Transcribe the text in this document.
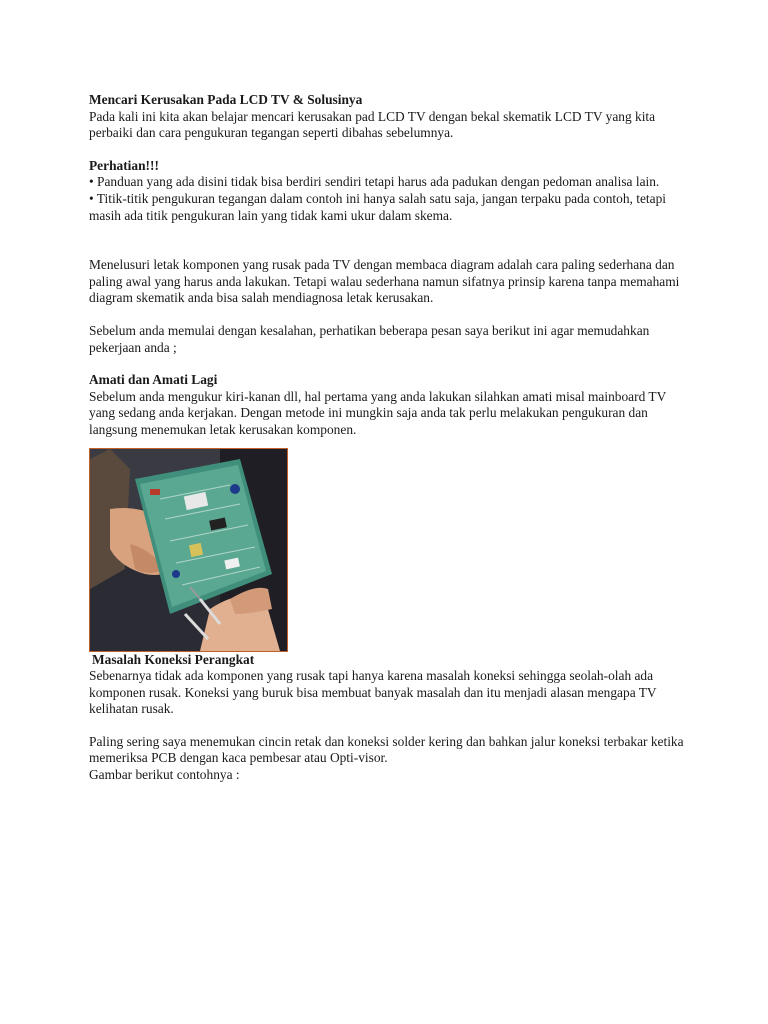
Mencari Kerusakan Pada LCD TV & Solusinya

Pada kali ini kita akan belajar mencari kerusakan pad LCD TV dengan bekal skematik LCD TV yang kita perbaiki dan cara pengukuran tegangan seperti dibahas sebelumnya.

Perhatian!!!

• Panduan yang ada disini tidak bisa berdiri sendiri tetapi harus ada padukan dengan pedoman analisa lain.

• Titik-titik pengukuran tegangan dalam contoh ini hanya salah satu saja, jangan terpaku pada contoh, tetapi masih ada titik pengukuran lain yang tidak kami ukur dalam skema.

Menelusuri letak komponen yang rusak pada TV dengan membaca diagram adalah cara paling sederhana dan paling awal yang harus anda lakukan. Tetapi walau sederhana namun sifatnya prinsip karena tanpa memahami diagram skematik anda bisa salah mendiagnosa letak kerusakan.

Sebelum anda memulai dengan kesalahan, perhatikan beberapa pesan saya berikut ini agar memudahkan pekerjaan anda ;

Amati dan Amati Lagi

Sebelum anda mengukur kiri-kanan dll, hal pertama yang anda lakukan silahkan amati misal mainboard TV yang sedang anda kerjakan. Dengan metode ini mungkin saja anda tak perlu melakukan pengukuran dan langsung menemukan letak kerusakan komponen.

Masalah Koneksi Perangkat

Sebenarnya tidak ada komponen yang rusak tapi hanya karena masalah koneksi sehingga seolah-olah ada komponen rusak. Koneksi yang buruk bisa membuat banyak masalah dan itu menjadi alasan mengapa TV kelihatan rusak.

Paling sering saya menemukan cincin retak dan koneksi solder kering dan bahkan jalur koneksi terbakar ketika memeriksa PCB dengan kaca pembesar atau Opti-visor.

Gambar berikut contohnya :
